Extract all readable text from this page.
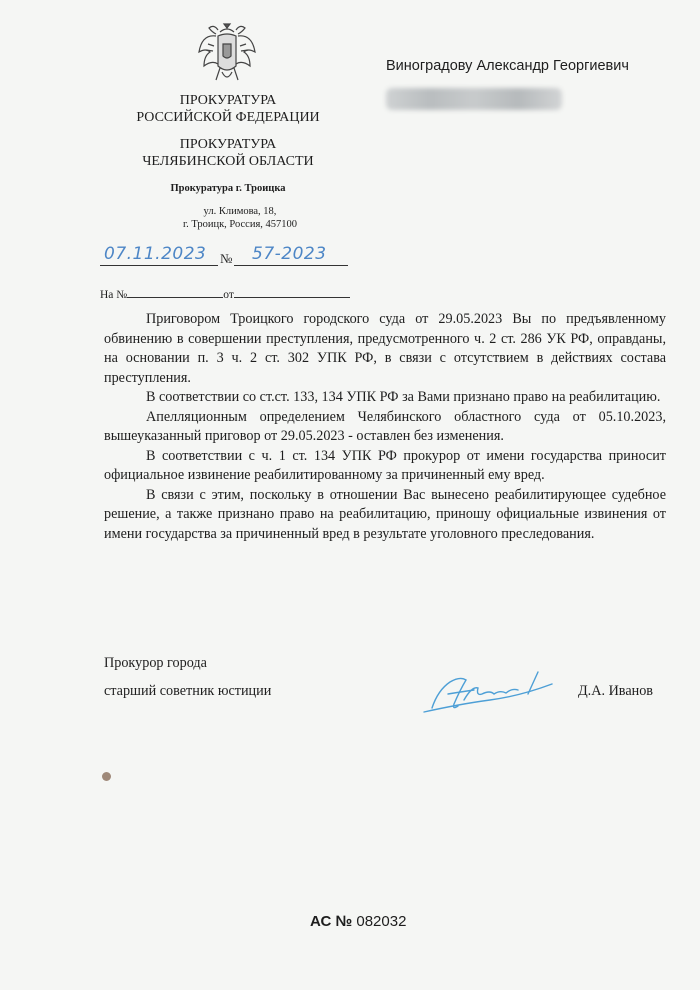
ПРОКУРАТУРА
РОССИЙСКОЙ ФЕДЕРАЦИИ
ПРОКУРАТУРА
ЧЕЛЯБИНСКОЙ ОБЛАСТИ
Прокуратура г. Троицка
ул. Климова, 18,
г. Троицк, Россия, 457100
07.11.2023 № 57-2023
На №	от
Виноградову Александр Георгиевич

Приговором Троицкого городского суда от 29.05.2023 Вы по предъявленному обвинению в совершении преступления, предусмотренного ч. 2 ст. 286 УК РФ, оправданы, на основании п. 3 ч. 2 ст. 302 УПК РФ, в связи с отсутствием в действиях состава преступления.

В соответствии со ст.ст. 133, 134 УПК РФ за Вами признано право на реабилитацию.

Апелляционным определением Челябинского областного суда от 05.10.2023, вышеуказанный приговор от 29.05.2023 - оставлен без изменения.

В соответствии с ч. 1 ст. 134 УПК РФ прокурор от имени государства приносит официальное извинение реабилитированному за причиненный ему вред.

В связи с этим, поскольку в отношении Вас вынесено реабилитирующее судебное решение, а также признано право на реабилитацию, приношу официальные извинения от имени государства за причиненный вред в результате уголовного преследования.

Прокурор города
старший советник юстиции	Д.А. Иванов
АС № 082032
